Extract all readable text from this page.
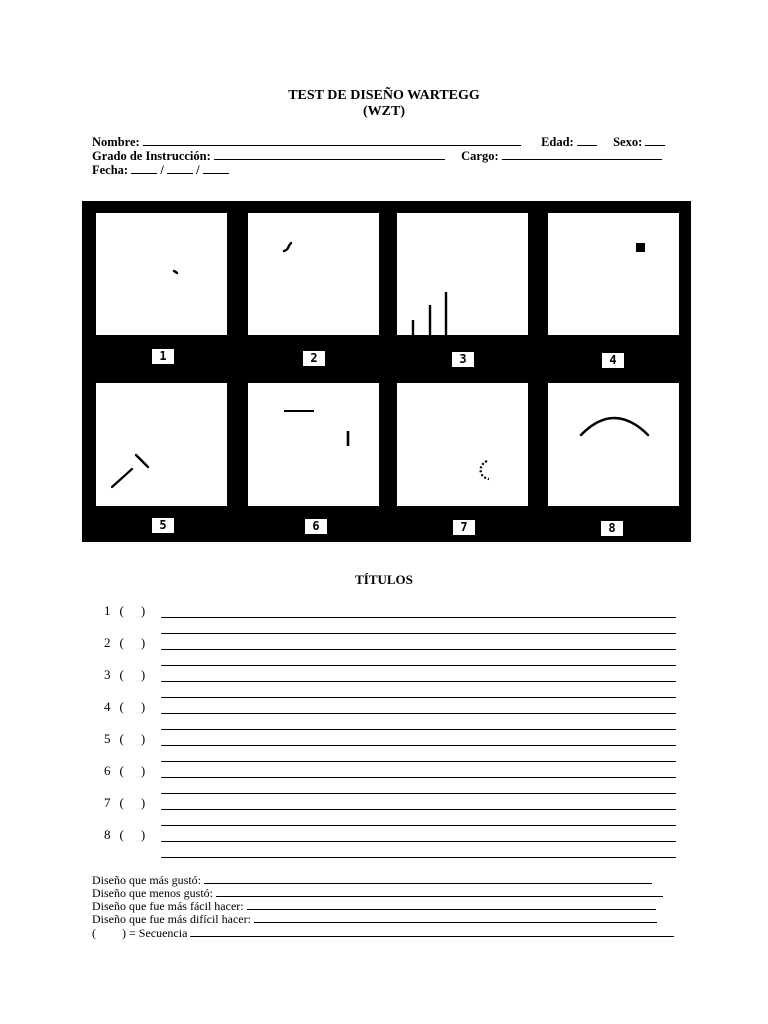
TEST DE DISEÑO WARTEGG
(WZT)
Nombre:	Edad:	Sexo:
Grado de Instrucción:	Cargo:
Fecha:	/	/
1	2	3	4
5	6	7	8
TÍTULOS
1 ( )
2 ( )
3 ( )
4 ( )
5 ( )
6 ( )
7 ( )
8 ( )
Diseño que más gustó:
Diseño que menos gustó:
Diseño que fue más fácil hacer:
Diseño que fue más difícil hacer:
( ) = Secuencia
